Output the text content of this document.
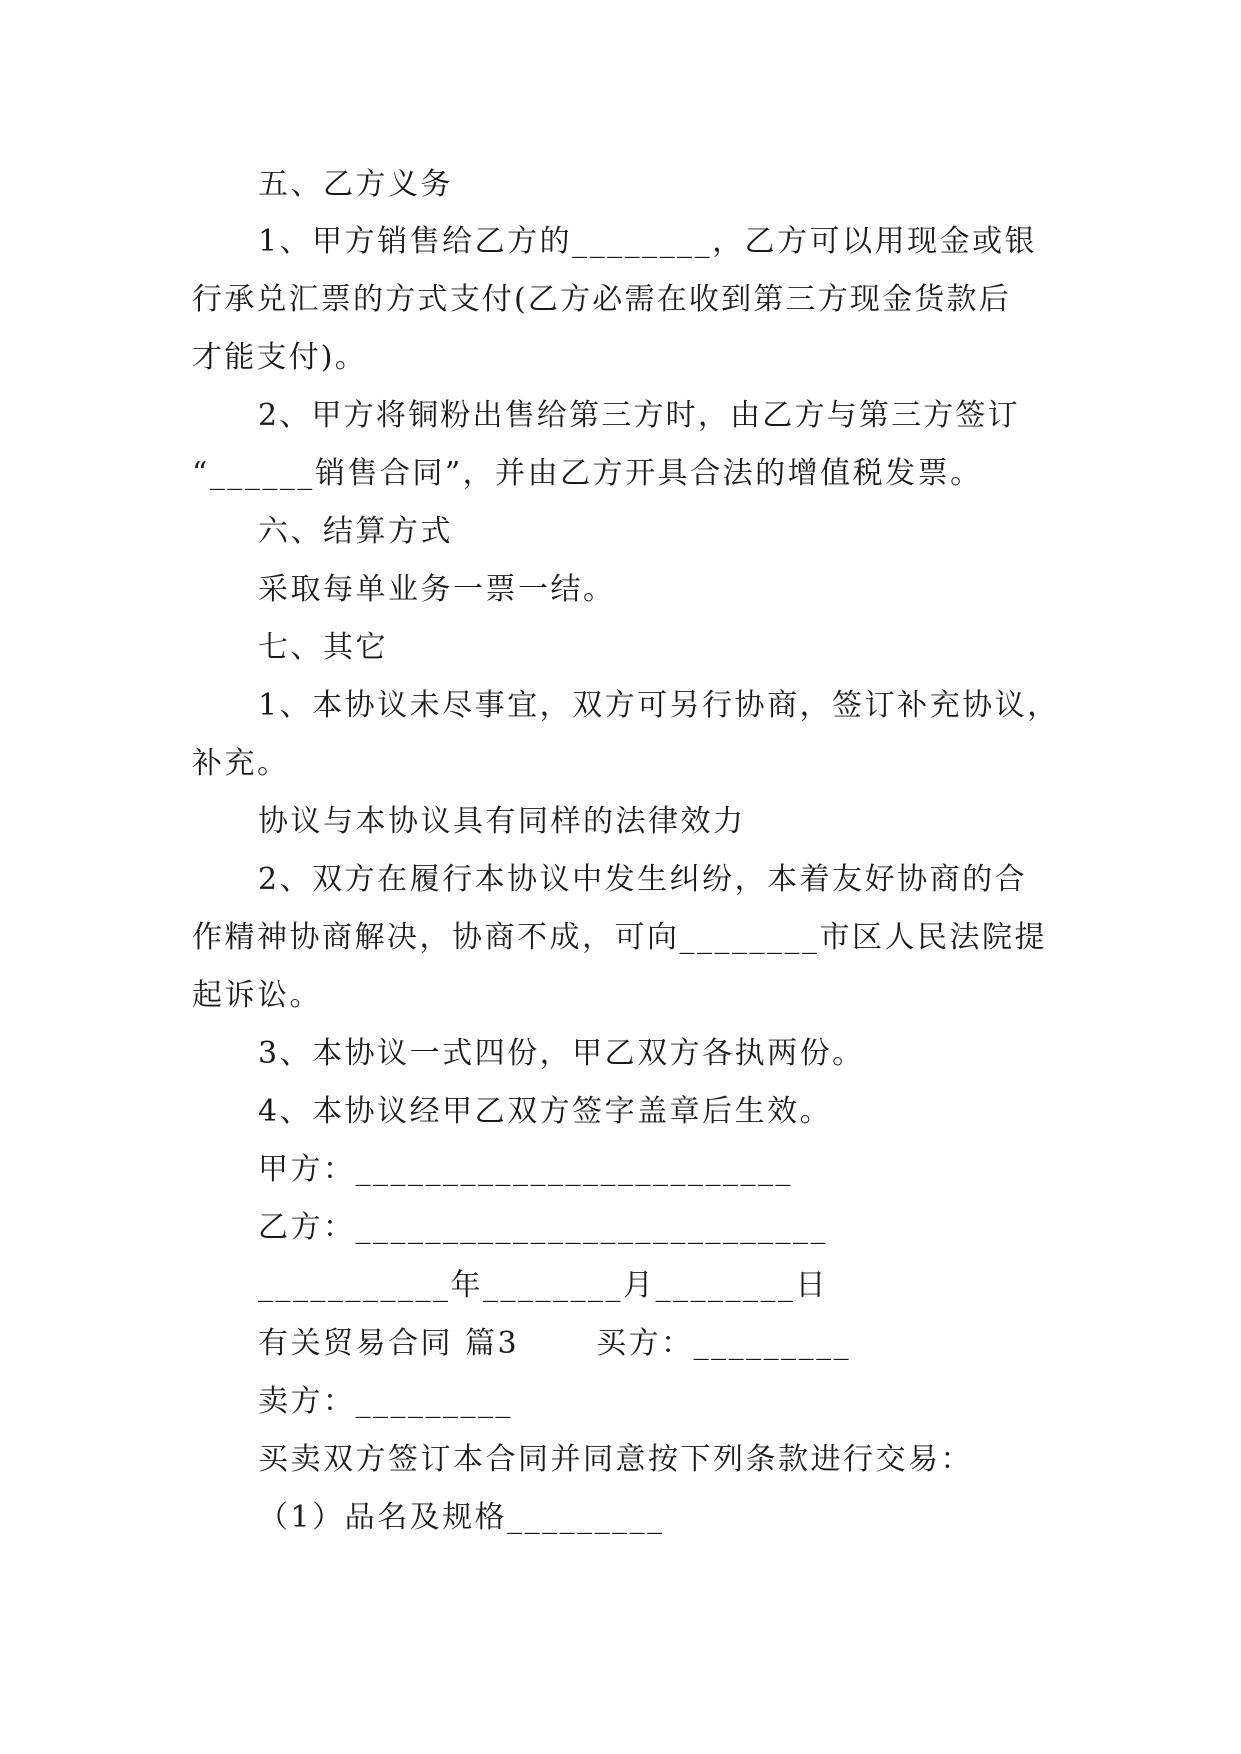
五、乙方义务
1、甲方销售给乙方的________，乙方可以用现金或银
行承兑汇票的方式支付(乙方必需在收到第三方现金货款后
才能支付)。
2、甲方将铜粉出售给第三方时，由乙方与第三方签订
“______销售合同”，并由乙方开具合法的增值税发票。
六、结算方式
采取每单业务一票一结。
七、其它
1、本协议未尽事宜，双方可另行协商，签订补充协议，
补充。
协议与本协议具有同样的法律效力
2、双方在履行本协议中发生纠纷，本着友好协商的合
作精神协商解决，协商不成，可向________市区人民法院提
起诉讼。
3、本协议一式四份，甲乙双方各执两份。
4、本协议经甲乙双方签字盖章后生效。
甲方：_________________________
乙方：___________________________
___________年________月________日
有关贸易合同 篇3　　 买方：_________
卖方：_________
买卖双方签订本合同并同意按下列条款进行交易：
（1）品名及规格_________
